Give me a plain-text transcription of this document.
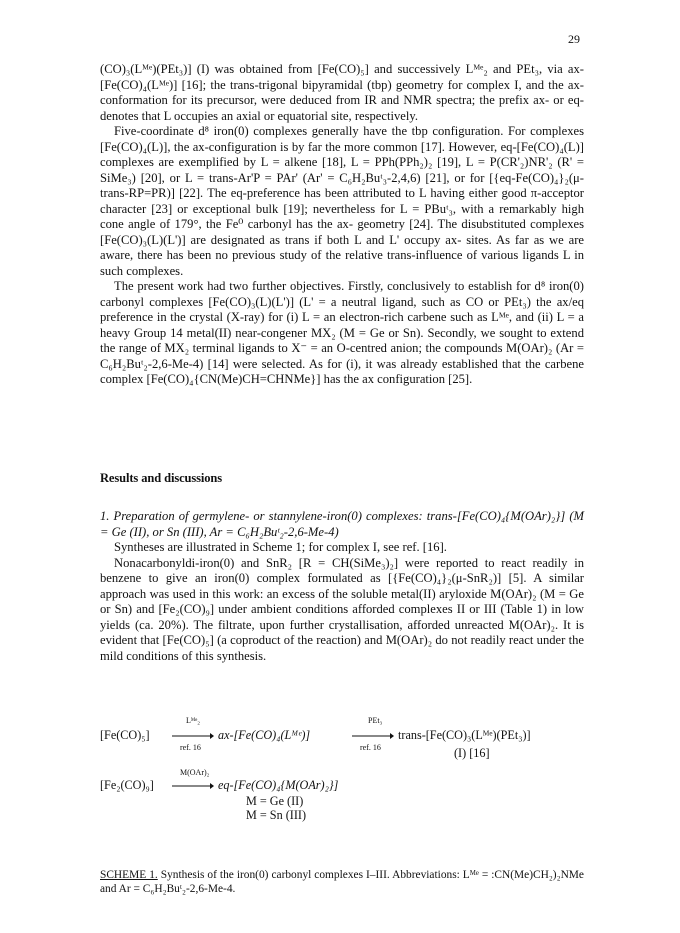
29

(CO)₃(Lᴹᵉ)(PEt₃)] (I) was obtained from [Fe(CO)₅] and successively Lᴹᵉ₂ and PEt₃, via ax-[Fe(CO)₄(Lᴹᵉ)] [16]; the trans-trigonal bipyramidal (tbp) geometry for complex I, and the ax-conformation for its precursor, were deduced from IR and NMR spectra; the prefix ax- or eq- denotes that L occupies an axial or equatorial site, respectively.

Five-coordinate d⁸ iron(0) complexes generally have the tbp configuration. For complexes [Fe(CO)₄(L)], the ax-configuration is by far the more common [17]. However, eq-[Fe(CO)₄(L)] complexes are exemplified by L = alkene [18], L = PPh(PPh₂)₂ [19], L = P(CR'₂)NR'₂ (R' = SiMe₃) [20], or L = trans-Ar'P = PAr' (Ar' = C₆H₂Buᵗ₃-2,4,6) [21], or for [{eq-Fe(CO)₄}₂(μ-trans-RP=PR)] [22]. The eq-preference has been attributed to L having either good π-acceptor character [23] or exceptional bulk [19]; nevertheless for L = PBuᵗ₃, with a remarkably high cone angle of 179°, the Fe⁰ carbonyl has the ax- geometry [24]. The disubstituted complexes [Fe(CO)₃(L)(L')] are designated as trans if both L and L' occupy ax- sites. As far as we are aware, there has been no previous study of the relative trans-influence of various ligands L in such complexes.

The present work had two further objectives. Firstly, conclusively to establish for d⁸ iron(0) carbonyl complexes [Fe(CO)₃(L)(L')] (L' = a neutral ligand, such as CO or PEt₃) the ax/eq preference in the crystal (X-ray) for (i) L = an electron-rich carbene such as Lᴹᵉ, and (ii) L = a heavy Group 14 metal(II) near-congener MX₂ (M = Ge or Sn). Secondly, we sought to extend the range of MX₂ terminal ligands to X⁻ = an O-centred anion; the compounds M(OAr)₂ (Ar = C₆H₂Buᵗ₂-2,6-Me-4) [14] were selected. As for (i), it was already established that the carbene complex [Fe(CO)₄{CN(Me)CH=CHNMe}] has the ax configuration [25].

Results and discussions

1. Preparation of germylene- or stannylene-iron(0) complexes: trans-[Fe(CO)₄{M(OAr)₂}] (M = Ge (II), or Sn (III), Ar = C₆H₂Buᵗ₂-2,6-Me-4)

Syntheses are illustrated in Scheme 1; for complex I, see ref. [16].

Nonacarbonyldi-iron(0) and SnR₂ [R = CH(SiMe₃)₂] were reported to react readily in benzene to give an iron(0) complex formulated as [{Fe(CO)₄}₂(μ-SnR₂)] [5]. A similar approach was used in this work: an excess of the soluble metal(II) aryloxide M(OAr)₂ (M = Ge or Sn) and [Fe₂(CO)₉] under ambient conditions afforded complexes II or III (Table 1) in low yields (ca. 20%). The filtrate, upon further crystallisation, afforded unreacted M(OAr)₂. It is evident that [Fe(CO)₅] (a coproduct of the reaction) and M(OAr)₂ do not readily react under the mild conditions of this synthesis.

[Fe(CO)₅]
Lᴹᵉ₂
ref. 16
ax-[Fe(CO)₄(Lᴹᵉ)]
PEt₃
ref. 16
trans-[Fe(CO)₃(Lᴹᵉ)(PEt₃)]
(I) [16]
M(OAr)₂
[Fe₂(CO)₉]	eq-[Fe(CO)₄{M(OAr)₂}]
M = Ge (II)
M = Sn (III)
SCHEME 1. Synthesis of the iron(0) carbonyl complexes I–III. Abbreviations: Lᴹᵉ = :CN(Me)CH₂)₂NMe and Ar = C₆H₂Buᵗ₂-2,6-Me-4.
